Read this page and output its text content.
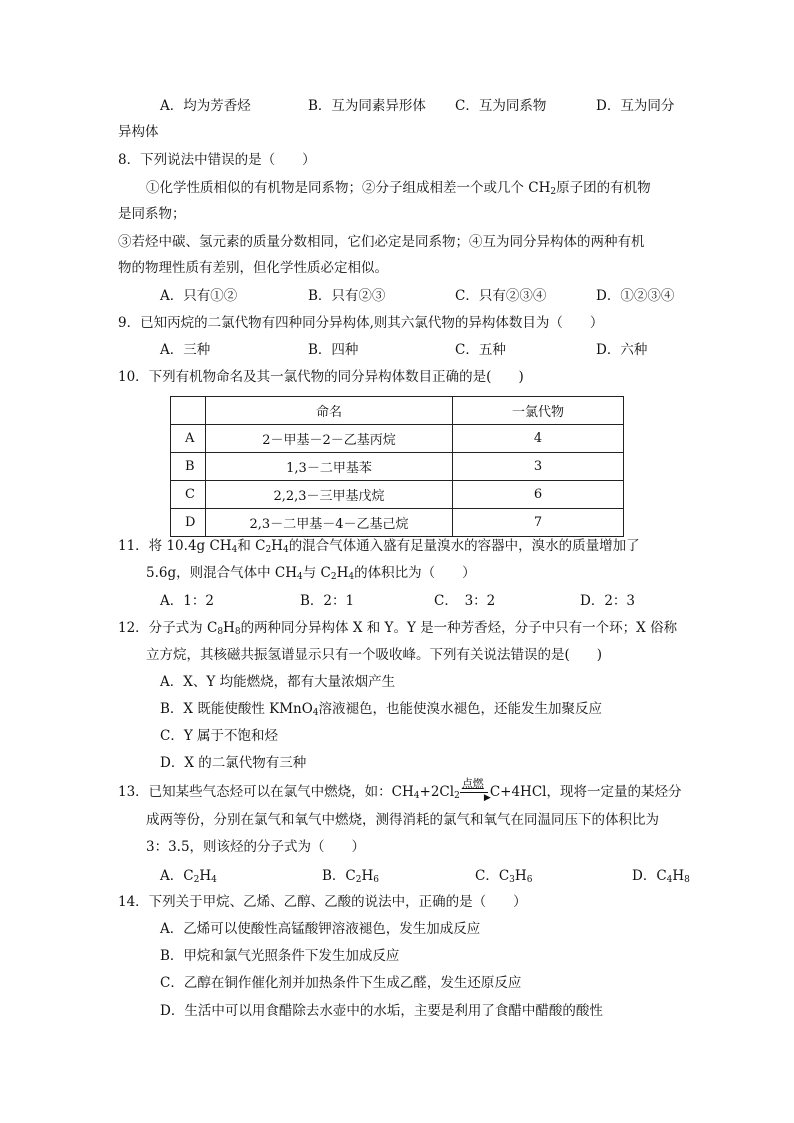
A．均为芳香烃	B．互为同素异形体 C．互为同系物	D．互为同分
异构体
8．下列说法中错误的是（　　）
①化学性质相似的有机物是同系物；②分子组成相差一个或几个 $CH_2$原子团的有机物
是同系物；
③若烃中碳、氢元素的质量分数相同，它们必定是同系物；④互为同分异构体的两种有机
物的物理性质有差别，但化学性质必定相似。
A．只有①②	B．只有②③	C．只有②③④	D．①②③④
9．已知丙烷的二氯代物有四种同分异构体,则其六氯代物的异构体数目为（　　）
A．三种	B．四种	C．五种	D．六种
10．下列有机物命名及其一氯代物的同分异构体数目正确的是(　　)
	命名	一氯代物
A	2－甲基－2－乙基丙烷	4
B	1,3－二甲基苯	3
C	2,2,3－三甲基戊烷	6
D	2,3－二甲基－4－乙基己烷	7
11．将 10.4g $CH_4$和 $C_2H_4$的混合气体通入盛有足量溴水的容器中，溴水的质量增加了
5.6g，则混合气体中 $CH_4$与 $C_2H_4$的体积比为（　　）
A．1：2	B．2：1	C．　3：2	D．2：3
12．分子式为 $C_8H_8$的两种同分异构体 X 和 Y。Y 是一种芳香烃，分子中只有一个环；X 俗称
立方烷，其核磁共振氢谱显示只有一个吸收峰。下列有关说法错误的是(　　)
A．X、Y 均能燃烧，都有大量浓烟产生
B．X 既能使酸性 KMnO$_4$溶液褪色，也能使溴水褪色，还能发生加聚反应
C．Y 属于不饱和烃
D．X 的二氯代物有三种
13．已知某些气态烃可以在氯气中燃烧，如：$CH_4+2Cl_2$
点燃
▶ C+4HCl，现将一定量的某烃分
成两等份，分别在氯气和氧气中燃烧，测得消耗的氯气和氧气在同温同压下的体积比为
3：3.5，则该烃的分子式为（　　）
A．$C_2H_4$	B．$C_2H_6$	C．$C_3H_6$	D．$C_4H_8$
14．下列关于甲烷、乙烯、乙醇、乙酸的说法中，正确的是（　　）
A．乙烯可以使酸性高锰酸钾溶液褪色，发生加成反应
B．甲烷和氯气光照条件下发生加成反应
C．乙醇在铜作催化剂并加热条件下生成乙醛，发生还原反应
D．生活中可以用食醋除去水壶中的水垢，主要是利用了食醋中醋酸的酸性
